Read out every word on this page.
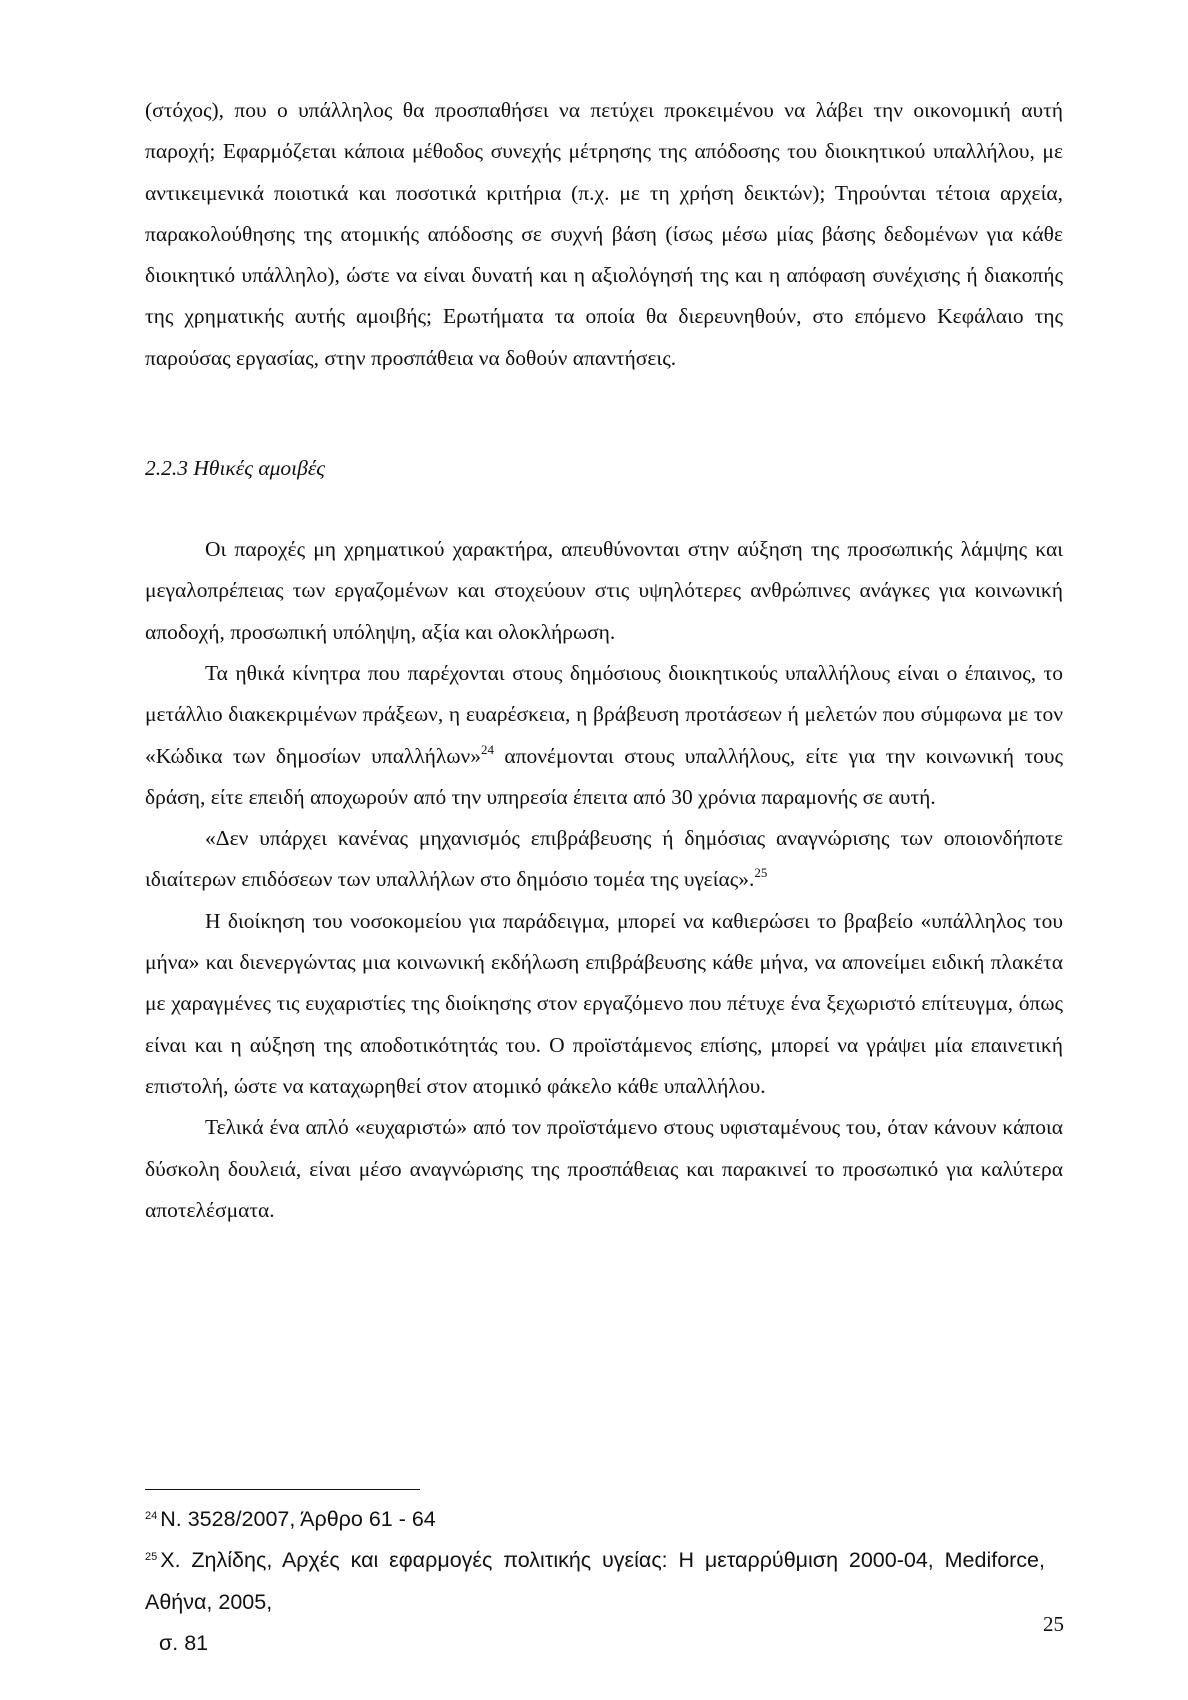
(στόχος), που ο υπάλληλος θα προσπαθήσει να πετύχει προκειμένου να λάβει την οικονομική αυτή παροχή; Εφαρμόζεται κάποια μέθοδος συνεχής μέτρησης της απόδοσης του διοικητικού υπαλλήλου, με αντικειμενικά ποιοτικά και ποσοτικά κριτήρια (π.χ. με τη χρήση δεικτών); Τηρούνται τέτοια αρχεία, παρακολούθησης της ατομικής απόδοσης σε συχνή βάση (ίσως μέσω μίας βάσης δεδομένων για κάθε διοικητικό υπάλληλο), ώστε να είναι δυνατή και η αξιολόγησή της και η απόφαση συνέχισης ή διακοπής της χρηματικής αυτής αμοιβής; Ερωτήματα τα οποία θα διερευνηθούν, στο επόμενο Κεφάλαιο της παρούσας εργασίας, στην προσπάθεια να δοθούν απαντήσεις.

2.2.3 Ηθικές αμοιβές

Οι παροχές μη χρηματικού χαρακτήρα, απευθύνονται στην αύξηση της προσωπικής λάμψης και μεγαλοπρέπειας των εργαζομένων και στοχεύουν στις υψηλότερες ανθρώπινες ανάγκες για κοινωνική αποδοχή, προσωπική υπόληψη, αξία και ολοκλήρωση.

Τα ηθικά κίνητρα που παρέχονται στους δημόσιους διοικητικούς υπαλλήλους είναι ο έπαινος, το μετάλλιο διακεκριμένων πράξεων, η ευαρέσκεια, η βράβευση προτάσεων ή μελετών που σύμφωνα με τον «Κώδικα των δημοσίων υπαλλήλων»$^{24}$ απονέμονται στους υπαλλήλους, είτε για την κοινωνική τους δράση, είτε επειδή αποχωρούν από την υπηρεσία έπειτα από 30 χρόνια παραμονής σε αυτή.

«Δεν υπάρχει κανένας μηχανισμός επιβράβευσης ή δημόσιας αναγνώρισης των οποιονδήποτε ιδιαίτερων επιδόσεων των υπαλλήλων στο δημόσιο τομέα της υγείας».$^{25}$

Η διοίκηση του νοσοκομείου για παράδειγμα, μπορεί να καθιερώσει το βραβείο «υπάλληλος του μήνα» και διενεργώντας μια κοινωνική εκδήλωση επιβράβευσης κάθε μήνα, να απονείμει ειδική πλακέτα με χαραγμένες τις ευχαριστίες της διοίκησης στον εργαζόμενο που πέτυχε ένα ξεχωριστό επίτευγμα, όπως είναι και η αύξηση της αποδοτικότητάς του. Ο προϊστάμενος επίσης, μπορεί να γράψει μία επαινετική επιστολή, ώστε να καταχωρηθεί στον ατομικό φάκελο κάθε υπαλλήλου.

Τελικά ένα απλό «ευχαριστώ» από τον προϊστάμενο στους υφισταμένους του, όταν κάνουν κάποια δύσκολη δουλειά, είναι μέσο αναγνώρισης της προσπάθειας και παρακινεί το προσωπικό για καλύτερα αποτελέσματα.

$^{24}$ Ν. 3528/2007, Άρθρο 61 - 64

$^{25}$ Χ. Ζηλίδης, Αρχές και εφαρμογές πολιτικής υγείας: Η μεταρρύθμιση 2000-04, Mediforce, Αθήνα, 2005,

σ. 81

25
